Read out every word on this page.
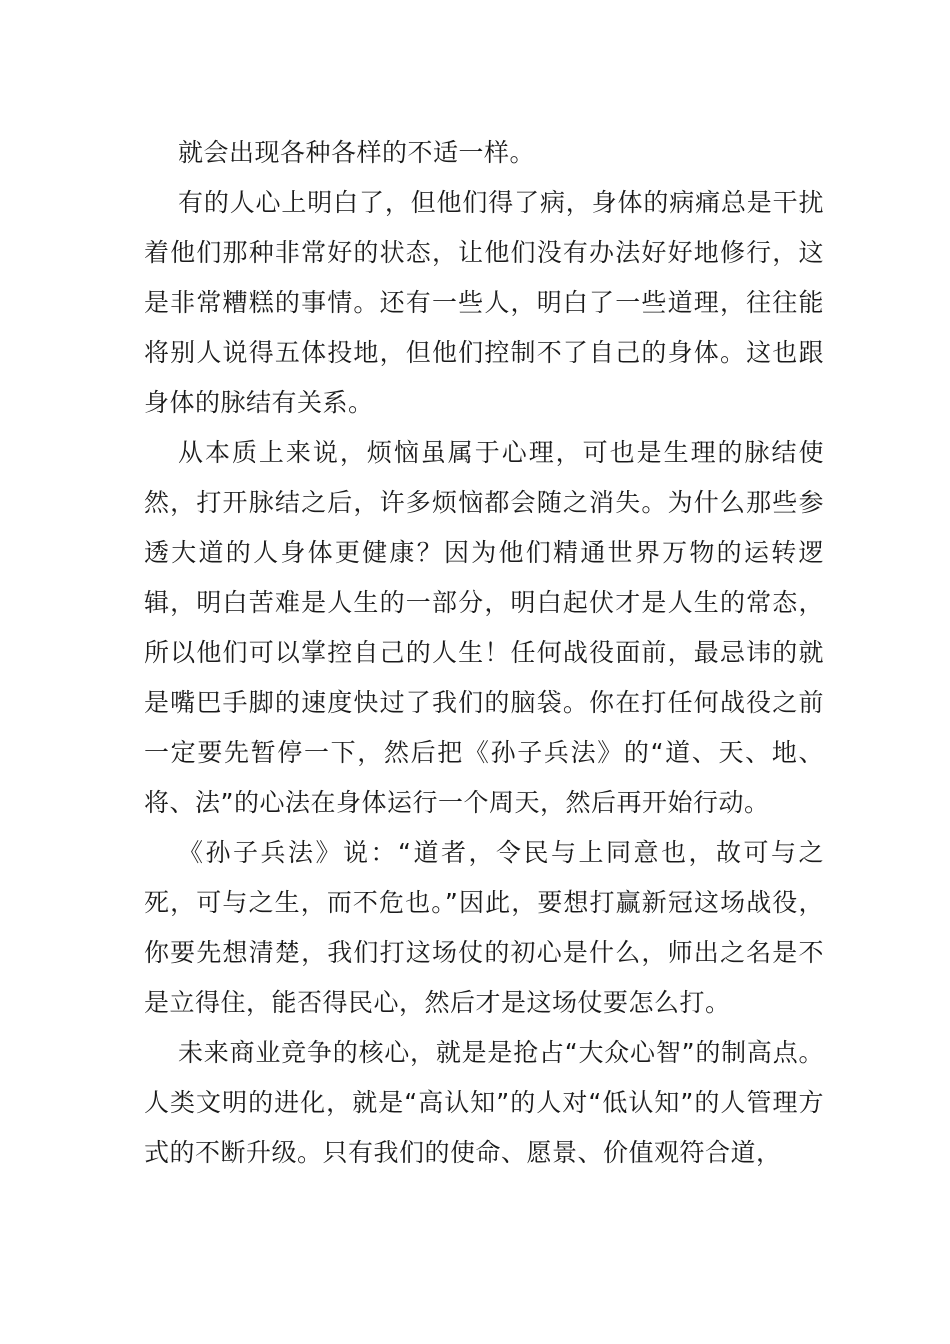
就会出现各种各样的不适一样。

有的人心上明白了，但他们得了病，身体的病痛总是干扰着他们那种非常好的状态，让他们没有办法好好地修行，这是非常糟糕的事情。还有一些人，明白了一些道理，往往能将别人说得五体投地，但他们控制不了自己的身体。这也跟身体的脉结有关系。

从本质上来说，烦恼虽属于心理，可也是生理的脉结使然，打开脉结之后，许多烦恼都会随之消失。为什么那些参透大道的人身体更健康？因为他们精通世界万物的运转逻辑，明白苦难是人生的一部分，明白起伏才是人生的常态，所以他们可以掌控自己的人生！任何战役面前，最忌讳的就是嘴巴手脚的速度快过了我们的脑袋。你在打任何战役之前一定要先暂停一下，然后把《孙子兵法》的“道、天、地、将、法”的心法在身体运行一个周天，然后再开始行动。

《孙子兵法》说：“道者，令民与上同意也，故可与之死，可与之生，而不危也。”因此，要想打赢新冠这场战役，你要先想清楚，我们打这场仗的初心是什么，师出之名是不是立得住，能否得民心，然后才是这场仗要怎么打。

未来商业竞争的核心，就是是抢占“大众心智”的制高点。人类文明的进化，就是“高认知”的人对“低认知”的人管理方式的不断升级。只有我们的使命、愿景、价值观符合道，
